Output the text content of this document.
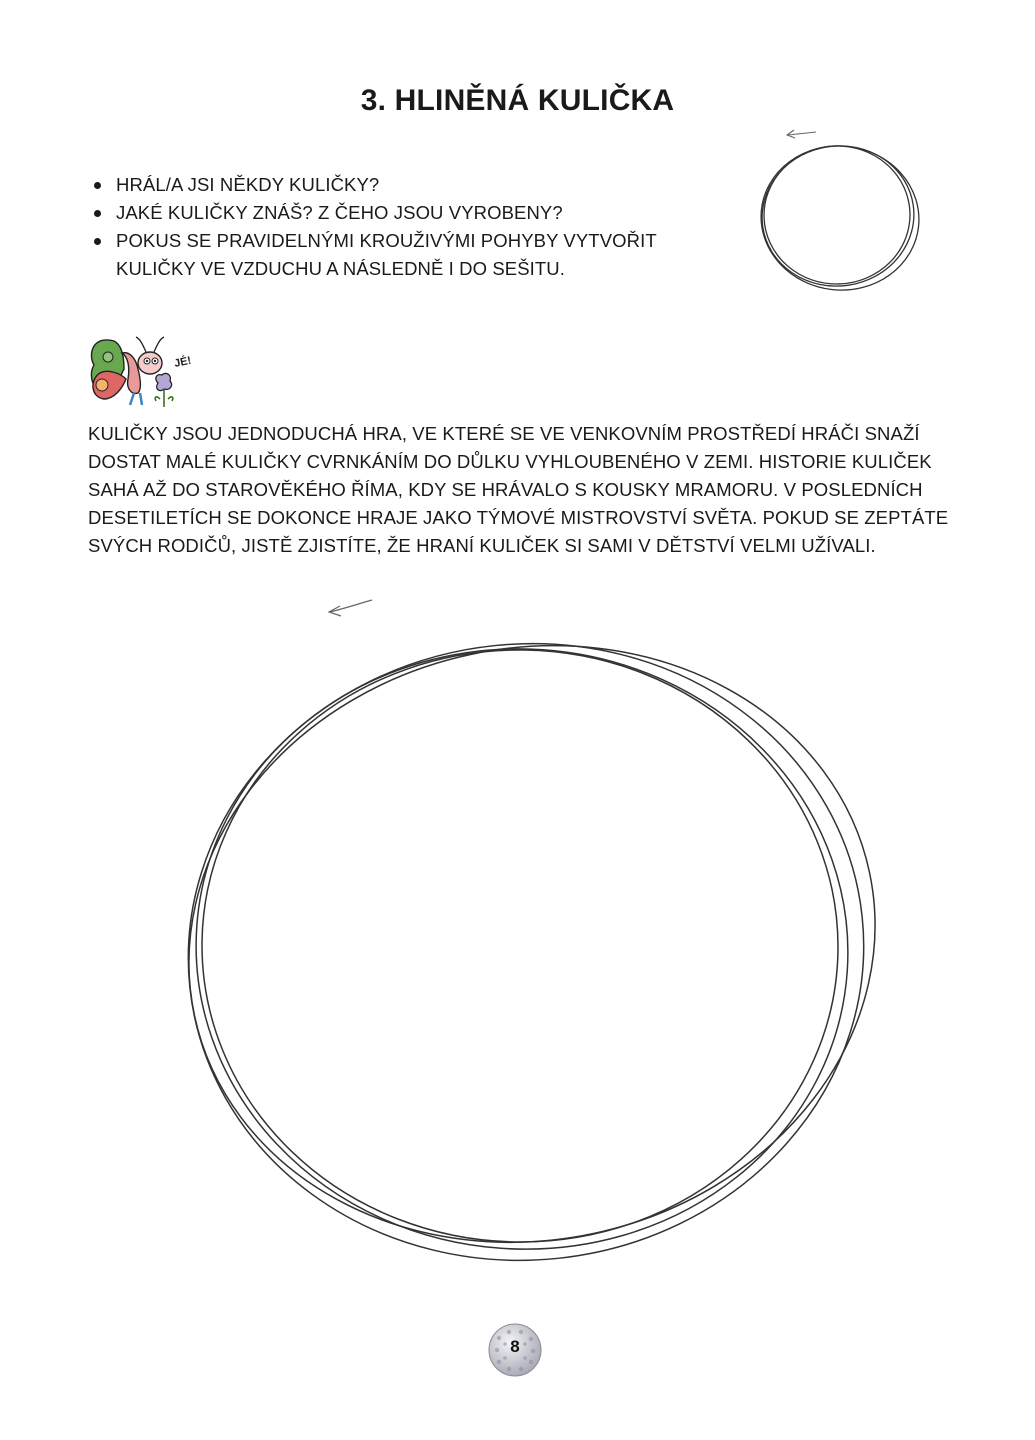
3. HLINĚNÁ KULIČKA
HRÁL/A JSI NĚKDY KULIČKY?
JAKÉ KULIČKY ZNÁŠ? Z ČEHO JSOU VYROBENY?
POKUS SE PRAVIDELNÝMI KROUŽIVÝMI POHYBY VYTVOŘIT KULIČKY VE VZDUCHU A NÁSLEDNĚ I DO SEŠITU.
JÉ!

KULIČKY JSOU JEDNODUCHÁ HRA, VE KTERÉ SE VE VENKOVNÍM PROSTŘEDÍ HRÁČI SNAŽÍ DOSTAT MALÉ KULIČKY CVRNKÁNÍM DO DŮLKU VYHLOUBENÉHO V ZEMI. HISTORIE KULIČEK SAHÁ AŽ DO STAROVĚKÉHO ŘÍMA, KDY SE HRÁVALO S KOUSKY MRAMORU. V POSLEDNÍCH DESETILETÍCH SE DOKONCE HRAJE JAKO TÝMOVÉ MISTROVSTVÍ SVĚTA. POKUD SE ZEPTÁTE SVÝCH RODIČŮ, JISTĚ ZJISTÍTE, ŽE HRANÍ KULIČEK SI SAMI V DĚTSTVÍ VELMI UŽÍVALI.

8
